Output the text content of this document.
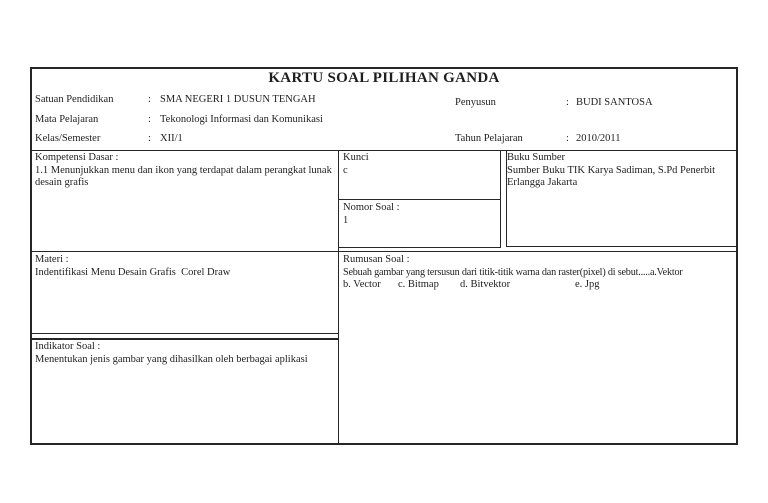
KARTU SOAL PILIHAN GANDA
Satuan Pendidikan	: SMA NEGERI 1 DUSUN TENGAH
Mata Pelajaran	: Tekonologi Informasi dan Komunikasi
Kelas/Semester	: XII/1
Penyusun	: BUDI SANTOSA
Tahun Pelajaran	: 2010/2011
Kompetensi Dasar :
1.1 Menunjukkan menu dan ikon yang terdapat dalam perangkat lunak desain grafis
Kunci
c
Nomor Soal :
1
Buku Sumber
Sumber Buku TIK Karya Sadiman, S.Pd Penerbit
Erlangga Jakarta
Materi :
Indentifikasi Menu Desain Grafis  Corel Draw
Rumusan Soal :
Sebuah gambar yang tersusun dari titik-titik warna dan raster(pixel) di sebut.....a.Vektor
b. Vector c. Bitmap d. Bitvektor	e. Jpg
Indikator Soal :
Menentukan jenis gambar yang dihasilkan oleh berbagai aplikasi
